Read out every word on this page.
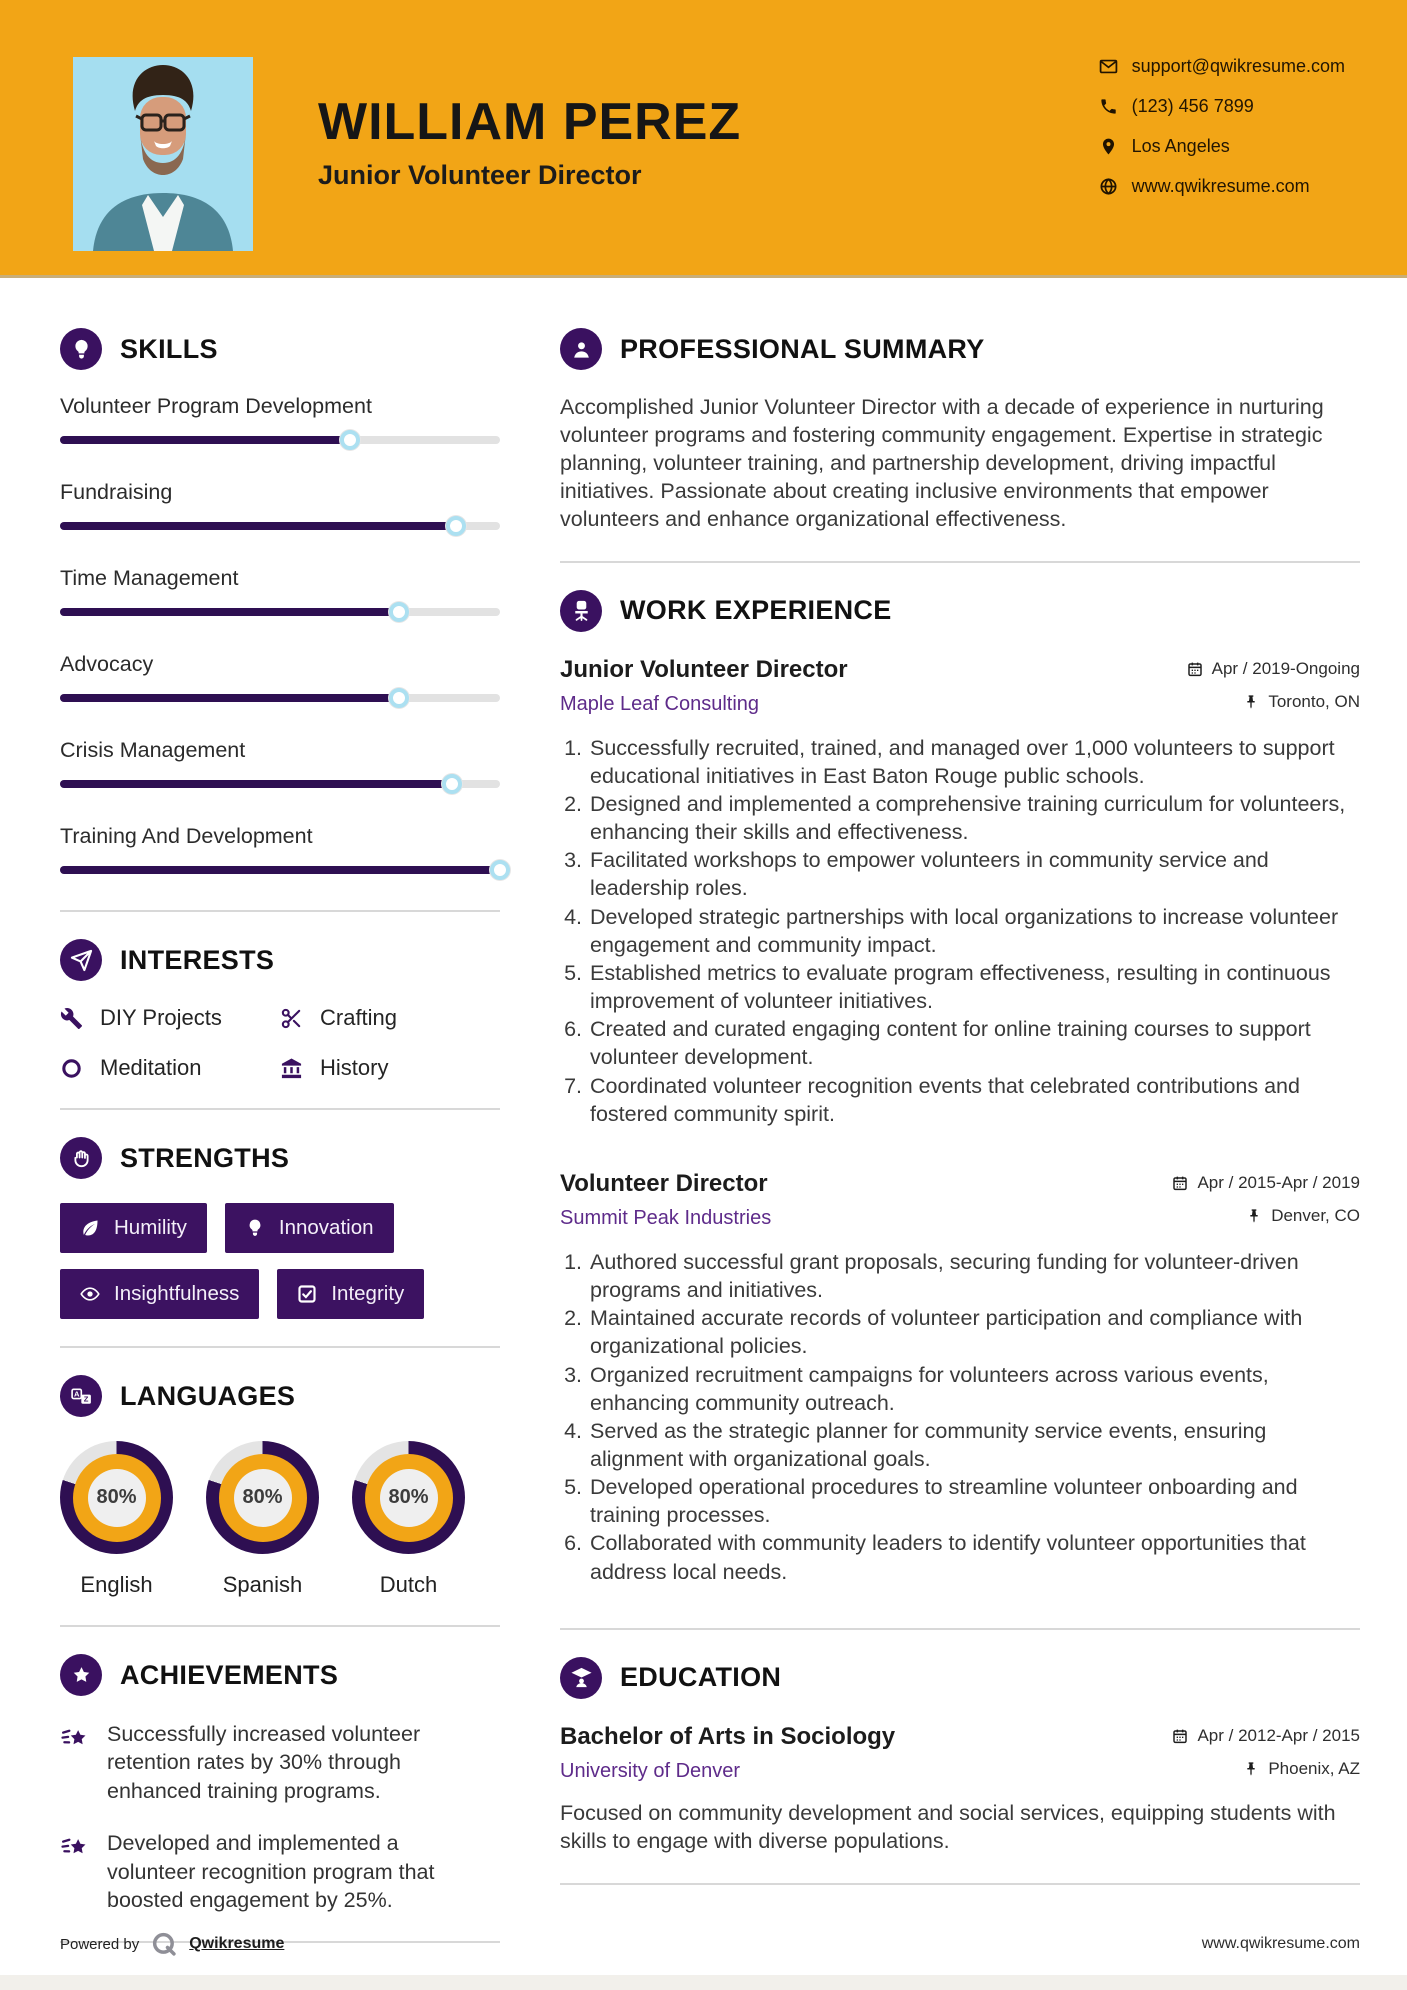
WILLIAM PEREZ
Junior Volunteer Director
support@qwikresume.com
(123) 456 7899
Los Angeles
www.qwikresume.com
SKILLS
Volunteer Program Development
Fundraising
Time Management
Advocacy
Crisis Management
Training And Development
INTERESTS
DIY Projects	Crafting
Meditation	History
STRENGTHS
Humility	Innovation
Insightfulness	Integrity
A
Z LANGUAGES
80%
English
80%
Spanish
80%
Dutch
ACHIEVEMENTS
Successfully increased volunteer retention rates by 30% through enhanced training programs.
Developed and implemented a volunteer recognition program that boosted engagement by 25%.
PROFESSIONAL SUMMARY

Accomplished Junior Volunteer Director with a decade of experience in nurturing volunteer programs and fostering community engagement. Expertise in strategic planning, volunteer training, and partnership development, driving impactful initiatives. Passionate about creating inclusive environments that empower volunteers and enhance organizational effectiveness.

WORK EXPERIENCE
Junior Volunteer Director	Apr / 2019-Ongoing
Maple Leaf Consulting	Toronto, ON
1. Successfully recruited, trained, and managed over 1,000 volunteers to support educational initiatives in East Baton Rouge public schools.
2. Designed and implemented a comprehensive training curriculum for volunteers, enhancing their skills and effectiveness.
3. Facilitated workshops to empower volunteers in community service and leadership roles.
4. Developed strategic partnerships with local organizations to increase volunteer engagement and community impact.
5. Established metrics to evaluate program effectiveness, resulting in continuous improvement of volunteer initiatives.
6. Created and curated engaging content for online training courses to support volunteer development.
7. Coordinated volunteer recognition events that celebrated contributions and fostered community spirit.
Volunteer Director	Apr / 2015-Apr / 2019
Summit Peak Industries	Denver, CO
1. Authored successful grant proposals, securing funding for volunteer-driven programs and initiatives.
2. Maintained accurate records of volunteer participation and compliance with organizational policies.
3. Organized recruitment campaigns for volunteers across various events, enhancing community outreach.
4. Served as the strategic planner for community service events, ensuring alignment with organizational goals.
5. Developed operational procedures to streamline volunteer onboarding and training processes.
6. Collaborated with community leaders to identify volunteer opportunities that address local needs.
EDUCATION
Bachelor of Arts in Sociology	Apr / 2012-Apr / 2015
University of Denver	Phoenix, AZ

Focused on community development and social services, equipping students with skills to engage with diverse populations.

Powered by	Qwikresume	www.qwikresume.com
